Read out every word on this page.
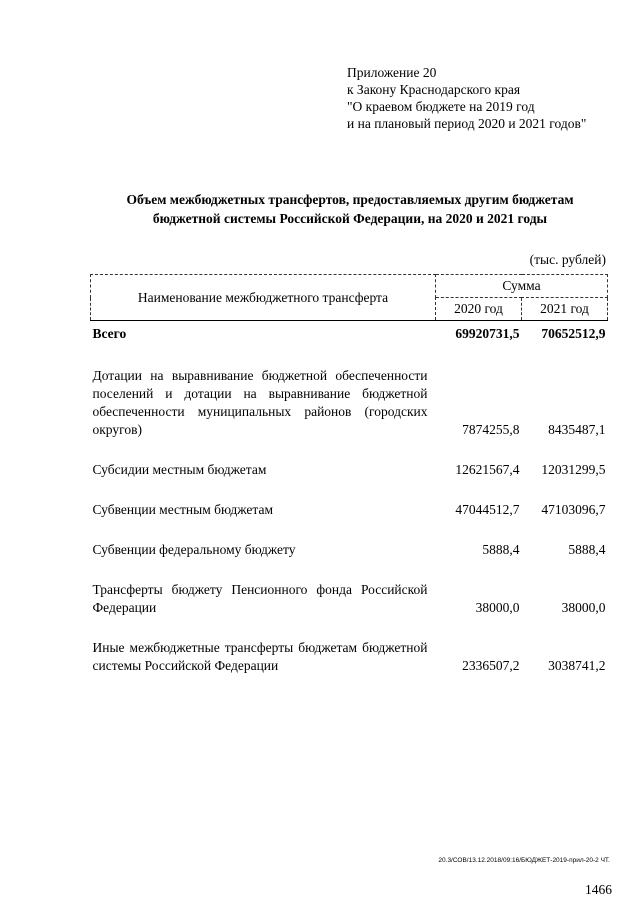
Приложение 20
к Закону Краснодарского края
"О краевом бюджете на 2019 год
и на плановый период 2020 и 2021 годов"
Объем межбюджетных трансфертов, предоставляемых другим бюджетам
бюджетной системы Российской Федерации, на 2020 и 2021 годы
(тыс. рублей)
Наименование межбюджетного трансферта	Сумма	
	2020 год	2021 год
Всего	69920731,5	70652512,9

Дотации на выравнивание бюджетной обеспеченности поселений и дотации на выравнивание бюджетной обеспеченности муниципальных районов (городских округов)	7874255,8	8435487,1

Субсидии местным бюджетам	12621567,4	12031299,5

Субвенции местным бюджетам	47044512,7	47103096,7

Субвенции федеральному бюджету	5888,4	5888,4

Трансферты бюджету Пенсионного фонда Российской Федерации	38000,0	38000,0

Иные межбюджетные трансферты бюджетам бюджетной системы Российской Федерации	2336507,2	3038741,2
20.3/СОВ/13.12.2018/09:16/БЮДЖЕТ-2019-прил-20-2 ЧТ.
1466
